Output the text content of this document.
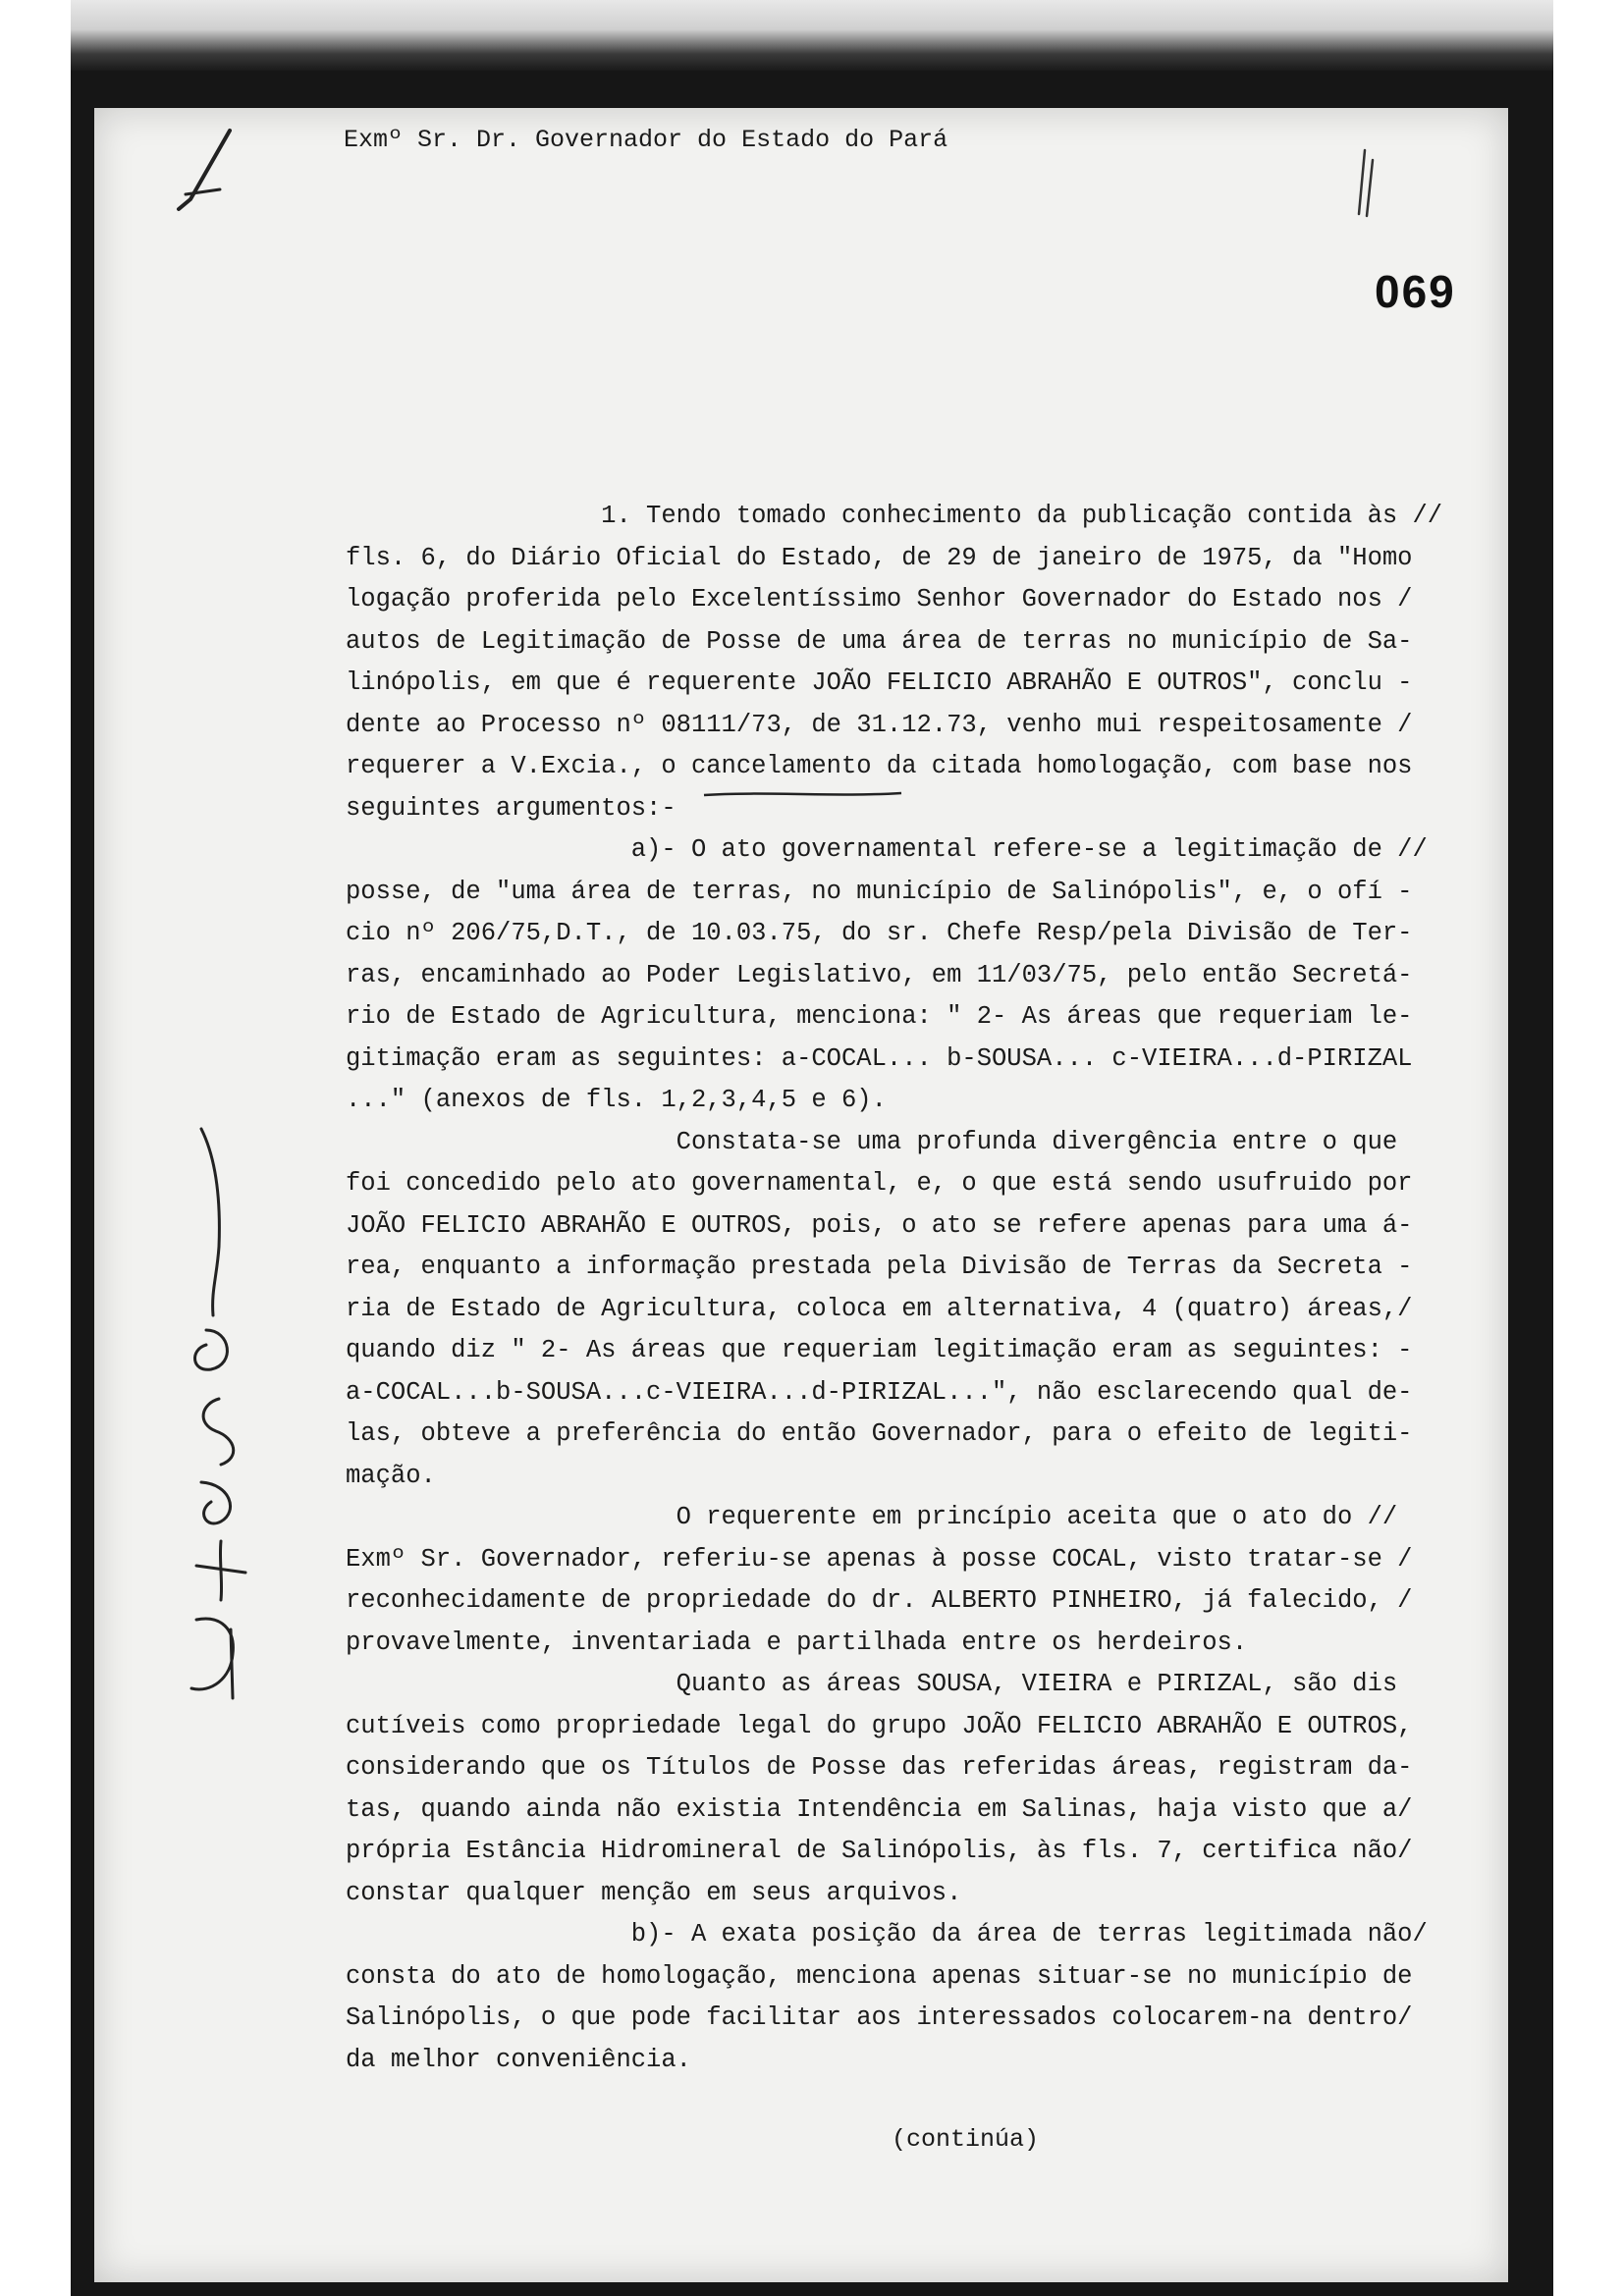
Exmº Sr. Dr. Governador do Estado do Pará
069
1. Tendo tomado conhecimento da publicação contida às //
fls. 6, do Diário Oficial do Estado, de 29 de janeiro de 1975, da "Homo
logação proferida pelo Excelentíssimo Senhor Governador do Estado nos /
autos de Legitimação de Posse de uma área de terras no município de Sa-
linópolis, em que é requerente JOÃO FELICIO ABRAHÃO E OUTROS", conclu -
dente ao Processo nº 08111/73, de 31.12.73, venho mui respeitosamente /
requerer a V.Excia., o cancelamento da citada homologação, com base nos
seguintes argumentos:-
a)- O ato governamental refere-se a legitimação de //
posse, de "uma área de terras, no município de Salinópolis", e, o ofí -
cio nº 206/75,D.T., de 10.03.75, do sr. Chefe Resp/pela Divisão de Ter-
ras, encaminhado ao Poder Legislativo, em 11/03/75, pelo então Secretá-
rio de Estado de Agricultura, menciona: " 2- As áreas que requeriam le-
gitimação eram as seguintes: a-COCAL... b-SOUSA... c-VIEIRA...d-PIRIZAL
..." (anexos de fls. 1,2,3,4,5 e 6).
Constata-se uma profunda divergência entre o que
foi concedido pelo ato governamental, e, o que está sendo usufruido por
JOÃO FELICIO ABRAHÃO E OUTROS, pois, o ato se refere apenas para uma á-
rea, enquanto a informação prestada pela Divisão de Terras da Secreta -
ria de Estado de Agricultura, coloca em alternativa, 4 (quatro) áreas,/
quando diz " 2- As áreas que requeriam legitimação eram as seguintes: -
a-COCAL...b-SOUSA...c-VIEIRA...d-PIRIZAL...", não esclarecendo qual de-
las, obteve a preferência do então Governador, para o efeito de legiti-
mação.
O requerente em princípio aceita que o ato do //
Exmº Sr. Governador, referiu-se apenas à posse COCAL, visto tratar-se /
reconhecidamente de propriedade do dr. ALBERTO PINHEIRO, já falecido, /
provavelmente, inventariada e partilhada entre os herdeiros.
Quanto as áreas SOUSA, VIEIRA e PIRIZAL, são dis
cutíveis como propriedade legal do grupo JOÃO FELICIO ABRAHÃO E OUTROS,
considerando que os Títulos de Posse das referidas áreas, registram da-
tas, quando ainda não existia Intendência em Salinas, haja visto que a/
própria Estância Hidromineral de Salinópolis, às fls. 7, certifica não/
constar qualquer menção em seus arquivos.
b)- A exata posição da área de terras legitimada não/
consta do ato de homologação, menciona apenas situar-se no município de
Salinópolis, o que pode facilitar aos interessados colocarem-na dentro/
da melhor conveniência.
(continúa)
